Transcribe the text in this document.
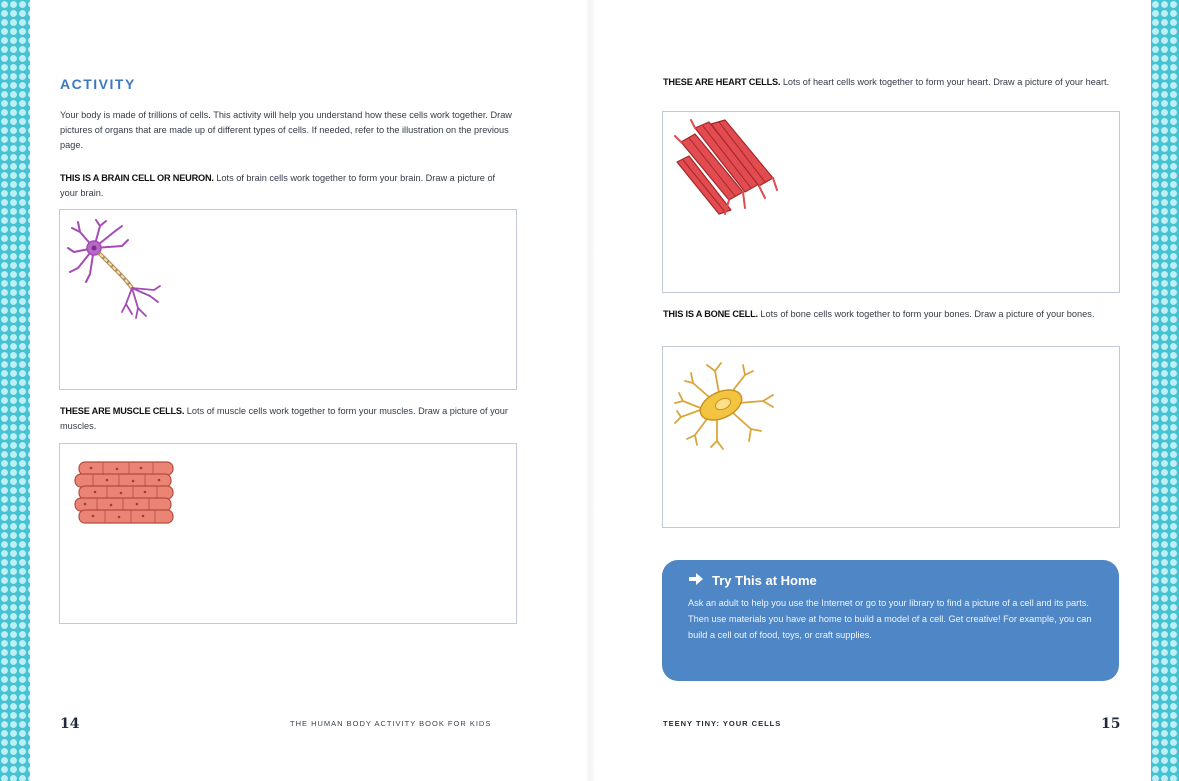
ACTIVITY
Your body is made of trillions of cells. This activity will help you understand how these cells work together. Draw pictures of organs that are made up of different types of cells. If needed, refer to the illustration on the previous page.
THIS IS A BRAIN CELL OR NEURON. Lots of brain cells work together to form your brain. Draw a picture of your brain.
THESE ARE MUSCLE CELLS. Lots of muscle cells work together to form your muscles. Draw a picture of your muscles.
14	THE HUMAN BODY ACTIVITY BOOK FOR KIDS
THESE ARE HEART CELLS. Lots of heart cells work together to form your heart. Draw a picture of your heart.
THIS IS A BONE CELL. Lots of bone cells work together to form your bones. Draw a picture of your bones.
Try This at Home
Ask an adult to help you use the Internet or go to your library to find a picture of a cell and its parts. Then use materials you have at home to build a model of a cell. Get creative! For example, you can build a cell out of food, toys, or craft supplies.
TEENY TINY: YOUR CELLS	15
